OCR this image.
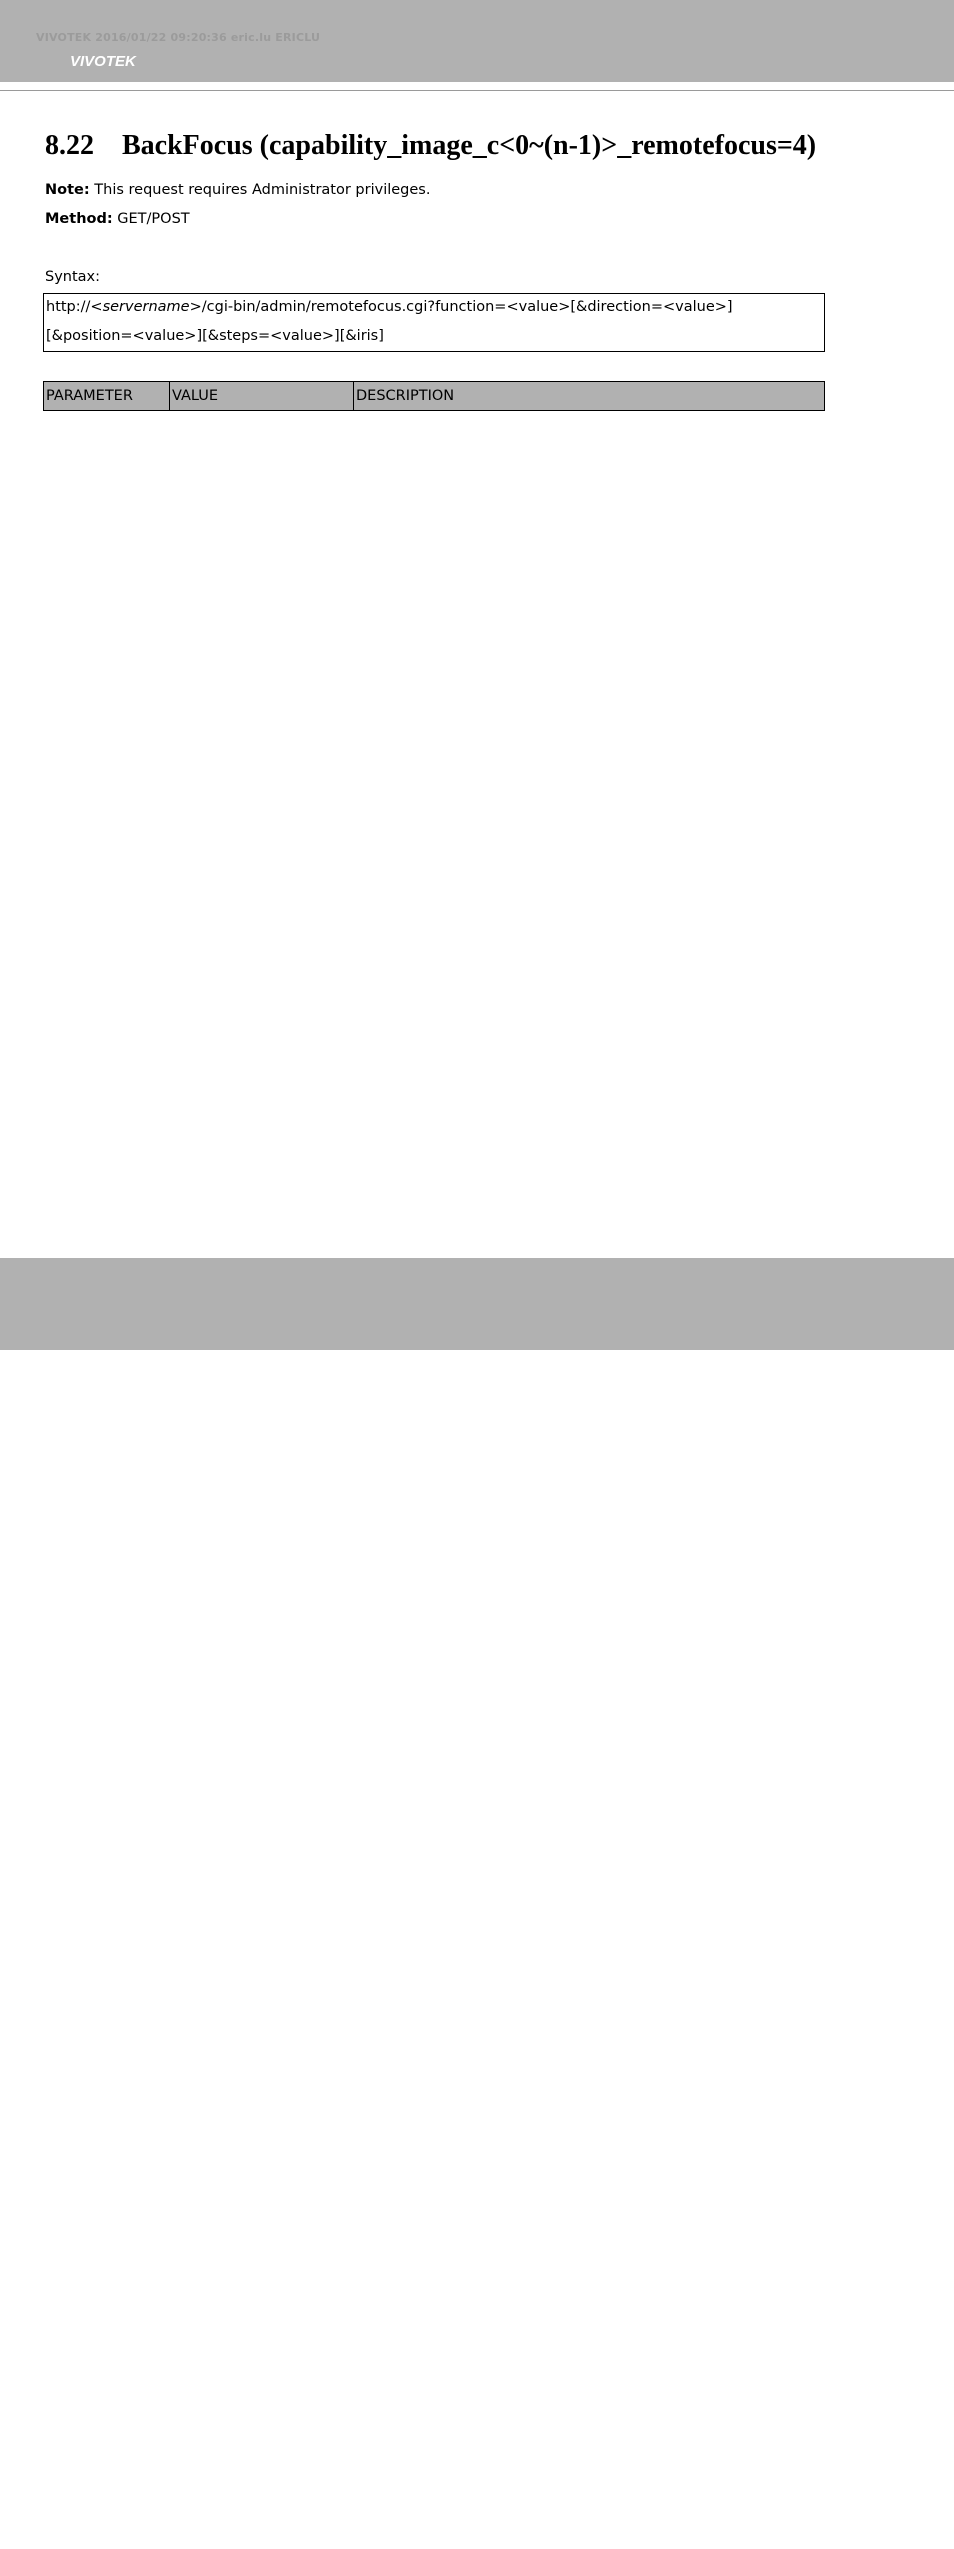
VIVOTEK 2016/01/22 09:20:36 eric.lu ERICLU
VIVOTEK
8.22 BackFocus (capability_image_c<0~(n-1)>_remotefocus=4)
Note: This request requires Administrator privileges.
Method: GET/POST
Syntax:
http://<servername>/cgi-bin/admin/remotefocus.cgi?function=<value>[&direction=<value>]
[&position=<value>][&steps=<value>][&iris]
PARAMETER	VALUE	DESCRIPTION
336 - User's Manual
